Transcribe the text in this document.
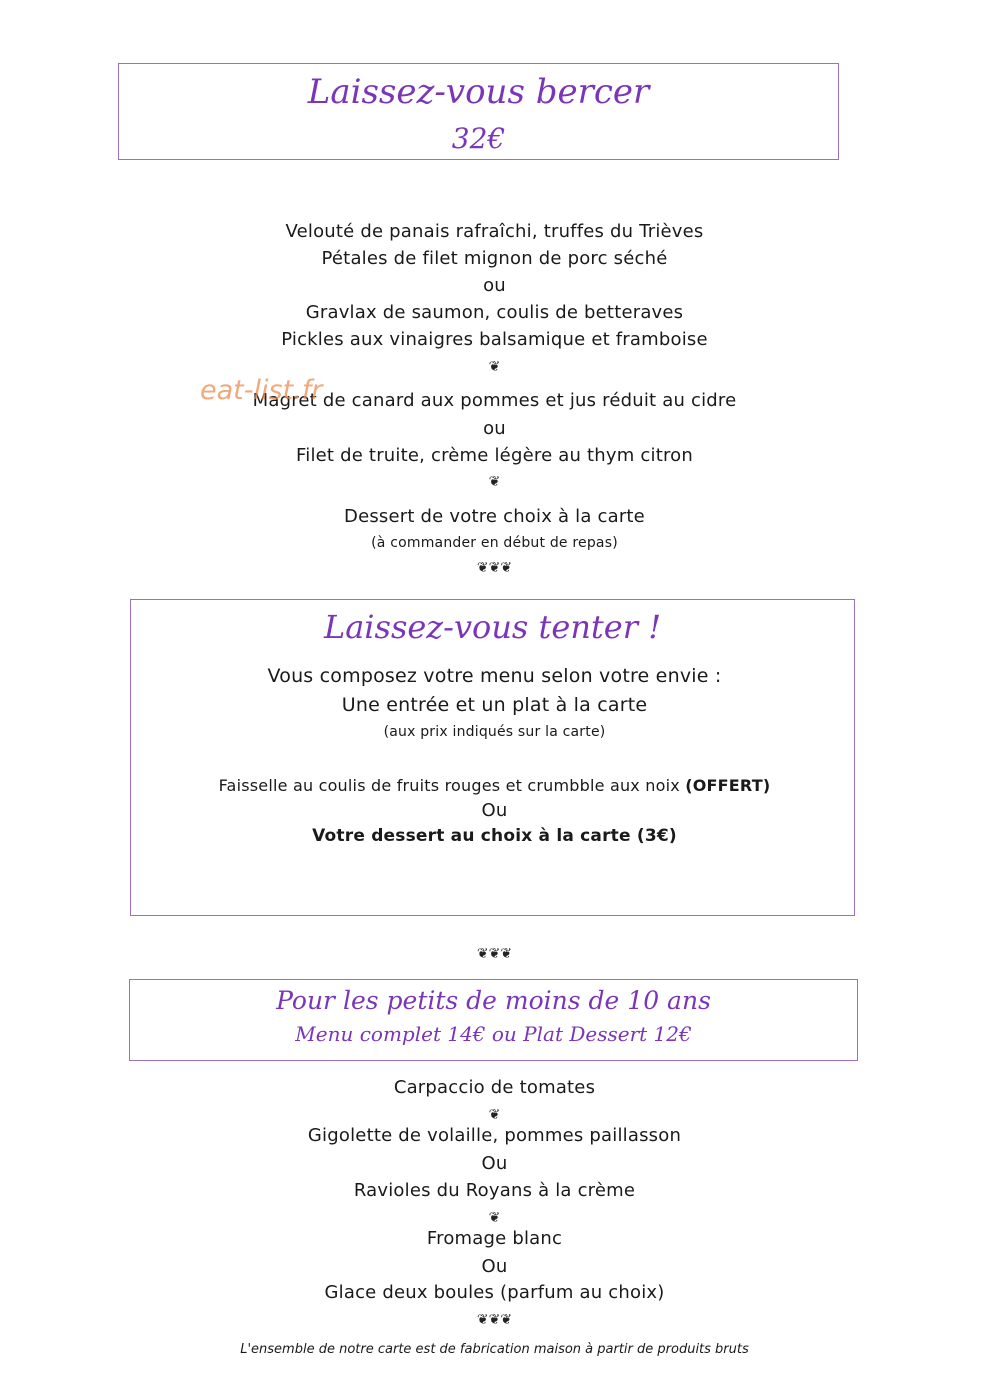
Laissez-vous bercer
32€
Velouté de panais rafraîchi, truffes du Trièves
Pétales de filet mignon de porc séché
ou
Gravlax de saumon, coulis de betteraves
Pickles aux vinaigres balsamique et framboise
❦
Magret de canard aux pommes et jus réduit au cidre
ou
Filet de truite, crème légère au thym citron
❦
Dessert de votre choix à la carte
(à commander en début de repas)
❦❦❦
eat-list.fr
Laissez-vous tenter !
Vous composez votre menu selon votre envie :
Une entrée et un plat à la carte
(aux prix indiqués sur la carte)
Faisselle au coulis de fruits rouges et crumbble aux noix (OFFERT)
Ou
Votre dessert au choix à la carte (3€)
❦❦❦
Pour les petits de moins de 10 ans
Menu complet 14€ ou Plat Dessert 12€
Carpaccio de tomates
❦
Gigolette de volaille, pommes paillasson
Ou
Ravioles du Royans à la crème
❦
Fromage blanc
Ou
Glace deux boules (parfum au choix)
❦❦❦
L'ensemble de notre carte est de fabrication maison à partir de produits bruts
